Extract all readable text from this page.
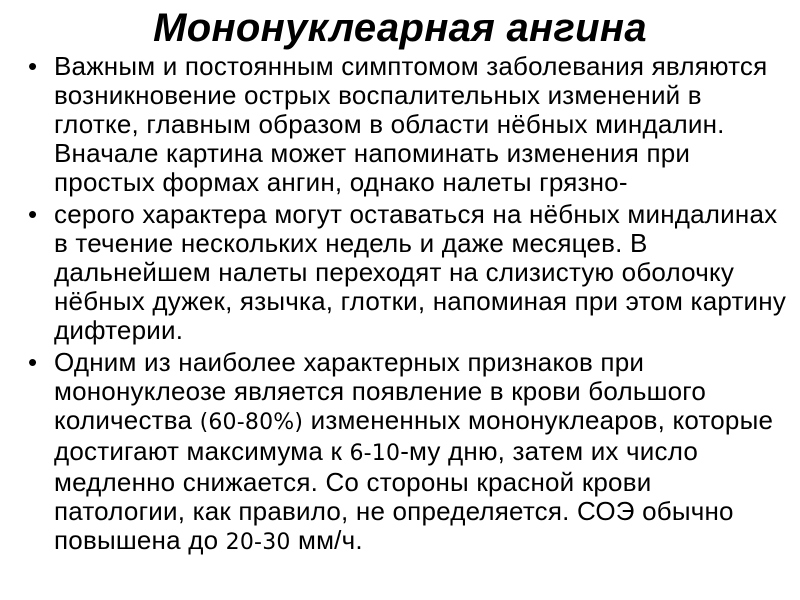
Мононуклеарная ангина
• Важным и постоянным симптомом заболевания являются возникновение острых воспалительных изменений в глотке, главным образом в области нёбных миндалин. Вначале картина может напоминать изменения при простых формах ангин, однако налеты грязно-
• серого характера могут оставаться на нёбных миндалинах в течение нескольких недель и даже месяцев. В дальнейшем налеты переходят на слизистую оболочку нёбных дужек, язычка, глотки, напоминая при этом картину дифтерии.
• Одним из наиболее характерных признаков при мононуклеозе является появление в крови большого количества (60-80%) измененных мононуклеаров, которые достигают максимума к 6-10-му дню, затем их число медленно снижается. Со стороны красной крови патологии, как правило, не определяется. СОЭ обычно повышена до 20-30 мм/ч.
